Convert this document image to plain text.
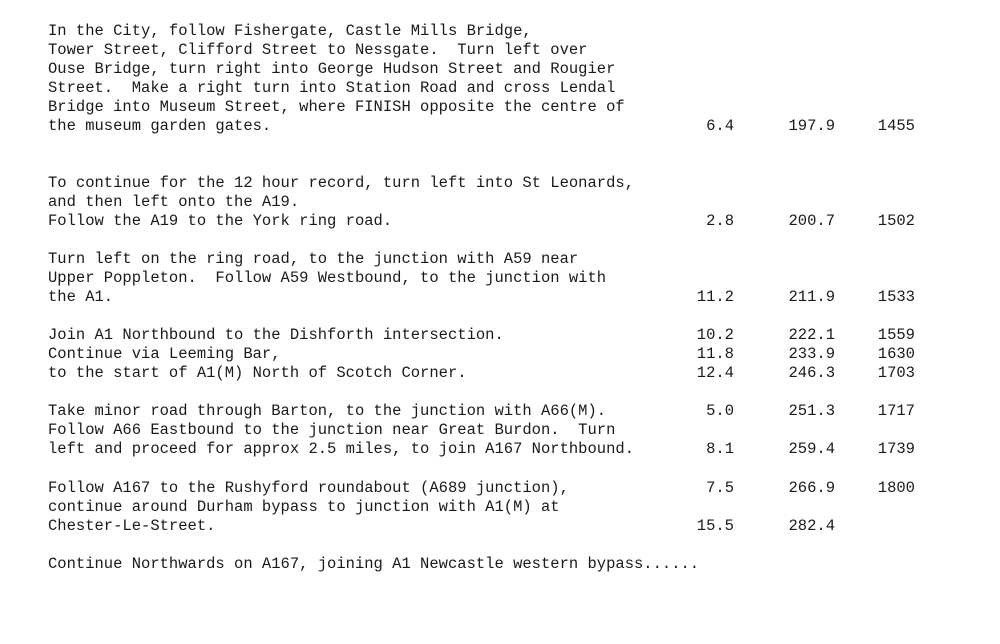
In the City, follow Fishergate, Castle Mills Bridge,
Tower Street, Clifford Street to Nessgate.  Turn left over
Ouse Bridge, turn right into George Hudson Street and Rougier
Street.  Make a right turn into Station Road and cross Lendal
Bridge into Museum Street, where FINISH opposite the centre of
the museum garden gates.	6.4	197.9	1455
To continue for the 12 hour record, turn left into St Leonards,
and then left onto the A19.
Follow the A19 to the York ring road.	2.8	200.7	1502
Turn left on the ring road, to the junction with A59 near
Upper Poppleton.  Follow A59 Westbound, to the junction with
the A1.	11.2	211.9	1533
Join A1 Northbound to the Dishforth intersection.	10.2	222.1	1559
Continue via Leeming Bar,	11.8	233.9	1630
to the start of A1(M) North of Scotch Corner.	12.4	246.3	1703
Take minor road through Barton, to the junction with A66(M).	5.0	251.3	1717
Follow A66 Eastbound to the junction near Great Burdon.  Turn
left and proceed for approx 2.5 miles, to join A167 Northbound.	8.1	259.4	1739
Follow A167 to the Rushyford roundabout (A689 junction),	7.5	266.9	1800
continue around Durham bypass to junction with A1(M) at
Chester-Le-Street.	15.5	282.4
Continue Northwards on A167, joining A1 Newcastle western bypass......
